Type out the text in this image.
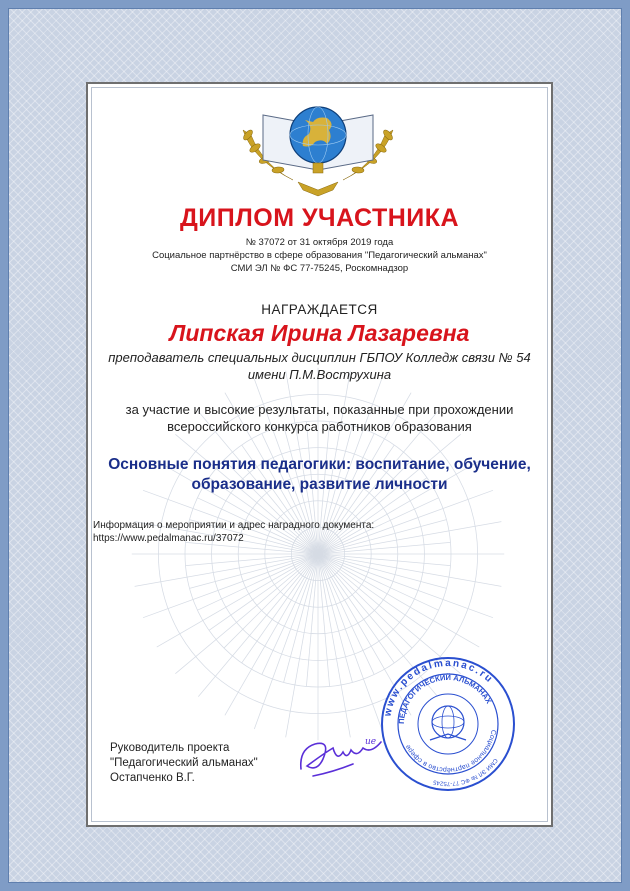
ДИПЛОМ УЧАСТНИКА
№ 37072 от 31 октября 2019 года
Социальное партнёрство в сфере образования "Педагогический альманах"
СМИ ЭЛ № ФС 77-75245, Роскомнадзор
НАГРАЖДАЕТСЯ
Липская Ирина Лазаревна
преподаватель специальных дисциплин ГБПОУ Колледж связи № 54
имени П.М.Вострухина
за участие и высокие результаты, показанные при прохождении
всероссийского конкурса работников образования
Основные понятия педагогики: воспитание, обучение,
образование, развитие личности
Информация о мероприятии и адрес наградного документа:
https://www.pedalmanac.ru/37072
Руководитель проекта
"Педагогический альманах"
Остапченко В.Г.
ue
www.pedalmanac.ru
Социальное партнёрство в сфере
ПЕДАГОГИЧЕСКИЙ АЛЬМАНАХ
СМИ ЭЛ № ФС 77-75245
